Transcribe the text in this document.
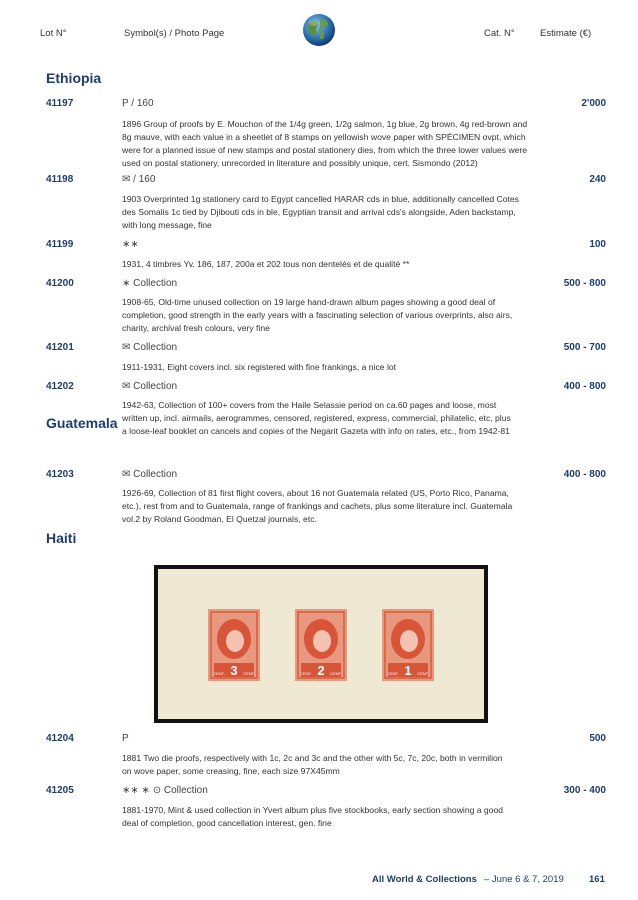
Lot N°	Symbol(s) / Photo Page	Cat. N°	Estimate (€)
Ethiopia
Guatemala
Haiti
41197	P / 160	2'000
1896 Group of proofs by E. Mouchon of the 1/4g green, 1/2g salmon, 1g blue, 2g brown, 4g red-brown and
8g mauve, with each value in a sheetlet of 8 stamps on yellowish wove paper with SPÉCIMEN ovpt, which
were for a planned issue of new stamps and postal stationery dies, from which the three lower values were
used on postal stationery, unrecorded in literature and possibly unique, cert. Sismondo (2012)
41198	✉ / 160	240
1903 Overprinted 1g stationery card to Egypt cancelled HARAR cds in blue, additionally cancelled Cotes
des Somalis 1c tied by Djibouti cds in ble, Egyptian transit and arrival cds's alongside, Aden backstamp,
with long message, fine
41199	∗∗	100
1931, 4 timbres Yv. 186, 187, 200a et 202 tous non dentelés et de qualité **
41200	∗ Collection	500 - 800
1908-65, Old-time unused collection on 19 large hand-drawn album pages showing a good deal of
completion, good strength in the early years with a fascinating selection of various overprints, also airs,
charity, archival fresh colours, very fine
41201	✉ Collection	500 - 700
1911-1931, Eight covers incl. six registered with fine frankings, a nice lot
41202	✉ Collection	400 - 800
1942-63, Collection of 100+ covers from the Haile Selassie period on ca.60 pages and loose, most
written up, incl. airmails, aerogrammes, censored, registered, express, commercial, philatelic, etc, plus
a loose-leaf booklet on cancels and copies of the Negarit Gazeta with info on rates, etc., from 1942-81
41203	✉ Collection	400 - 800
1926-69, Collection of 81 first flight covers, about 16 not Guatemala related (US, Porto Rico, Panama,
etc.), rest from and to Guatemala, range of frankings and cachets, plus some literature incl. Guatemala
vol.2 by Roland Goodman, El Quetzal journals, etc.
3
CENT.	CENT.	2
CENT.	CENT.	1
CENT.	CENT.
41204	P	500
1881 Two die proofs, respectively with 1c, 2c and 3c and the other with 5c, 7c, 20c, both in vermilion
on wove paper, some creasing, fine, each size 97X45mm
41205	∗∗ ∗ ⊙ Collection	300 - 400
1881-1970, Mint & used collection in Yvert album plus five stockbooks, early section showing a good
deal of completion, good cancellation interest, gen. fine
All World & Collections – June 6 & 7, 2019	161
